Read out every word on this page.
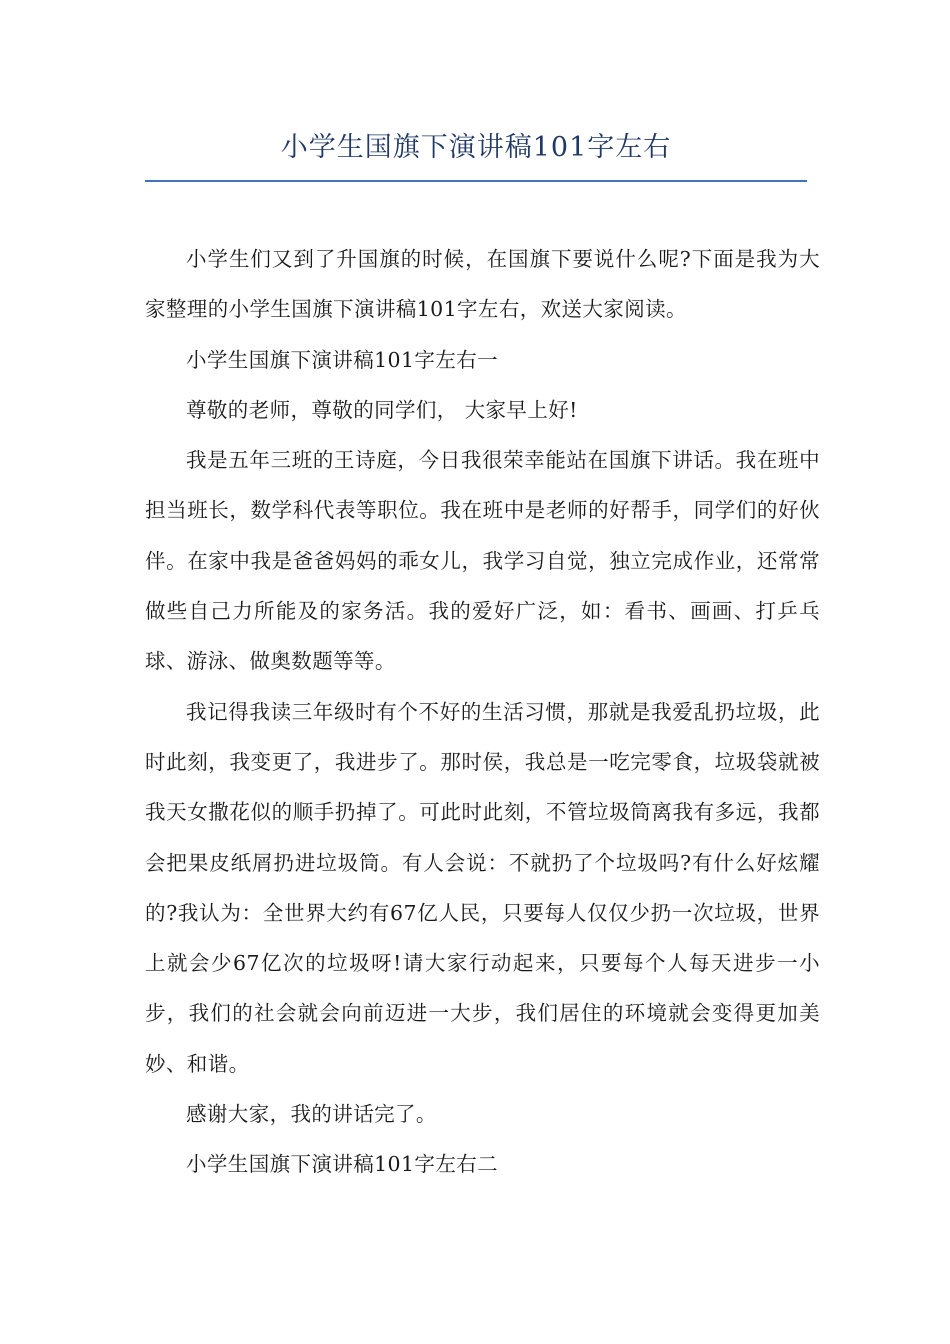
小学生国旗下演讲稿101字左右

小学生们又到了升国旗的时候，在国旗下要说什么呢?下面是我为大家整理的小学生国旗下演讲稿101字左右，欢送大家阅读。

小学生国旗下演讲稿101字左右一

尊敬的老师，尊敬的同学们， 大家早上好!

我是五年三班的王诗庭，今日我很荣幸能站在国旗下讲话。我在班中担当班长，数学科代表等职位。我在班中是老师的好帮手，同学们的好伙伴。在家中我是爸爸妈妈的乖女儿，我学习自觉，独立完成作业，还常常做些自己力所能及的家务活。我的爱好广泛，如：看书、画画、打乒乓球、游泳、做奥数题等等。

我记得我读三年级时有个不好的生活习惯，那就是我爱乱扔垃圾，此时此刻，我变更了，我进步了。那时侯，我总是一吃完零食，垃圾袋就被我天女撒花似的顺手扔掉了。可此时此刻，不管垃圾筒离我有多远，我都会把果皮纸屑扔进垃圾筒。有人会说：不就扔了个垃圾吗?有什么好炫耀的?我认为：全世界大约有67亿人民，只要每人仅仅少扔一次垃圾，世界上就会少67亿次的垃圾呀!请大家行动起来，只要每个人每天进步一小步，我们的社会就会向前迈进一大步，我们居住的环境就会变得更加美妙、和谐。

感谢大家，我的讲话完了。

小学生国旗下演讲稿101字左右二
